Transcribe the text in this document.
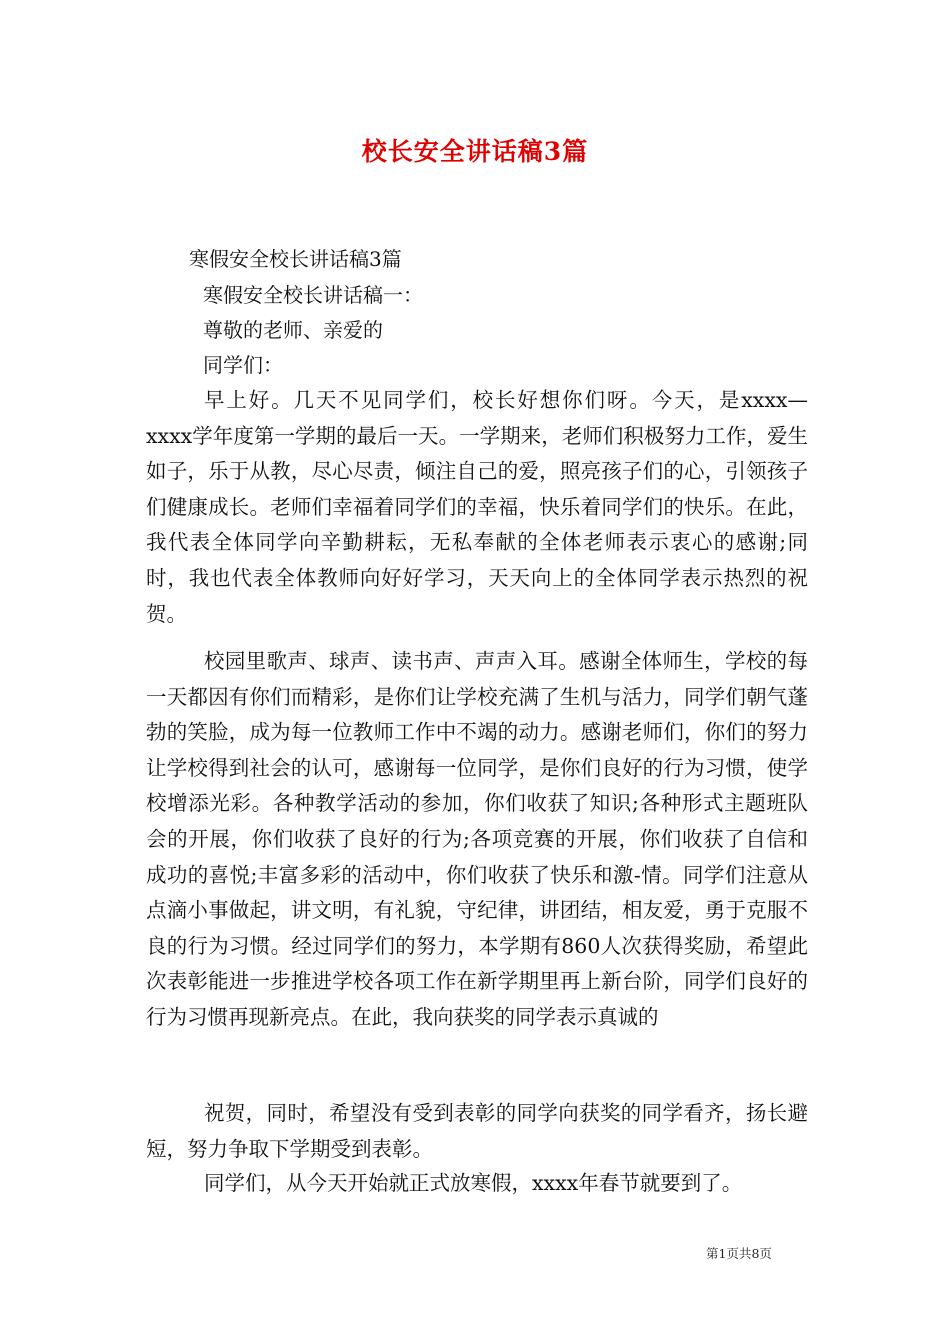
校长安全讲话稿3篇
寒假安全校长讲话稿3篇
寒假安全校长讲话稿一：
尊敬的老师、亲爱的
同学们：

早上好。几天不见同学们，校长好想你们呀。今天，是xxxx—xxxx学年度第一学期的最后一天。一学期来，老师们积极努力工作，爱生如子，乐于从教，尽心尽责，倾注自己的爱，照亮孩子们的心，引领孩子们健康成长。老师们幸福着同学们的幸福，快乐着同学们的快乐。在此，我代表全体同学向辛勤耕耘，无私奉献的全体老师表示衷心的感谢;同时，我也代表全体教师向好好学习，天天向上的全体同学表示热烈的祝贺。

校园里歌声、球声、读书声、声声入耳。感谢全体师生，学校的每一天都因有你们而精彩，是你们让学校充满了生机与活力，同学们朝气蓬勃的笑脸，成为每一位教师工作中不竭的动力。感谢老师们，你们的努力让学校得到社会的认可，感谢每一位同学，是你们良好的行为习惯，使学校增添光彩。各种教学活动的参加，你们收获了知识;各种形式主题班队会的开展，你们收获了良好的行为;各项竞赛的开展，你们收获了自信和成功的喜悦;丰富多彩的活动中，你们收获了快乐和激-情。同学们注意从点滴小事做起，讲文明，有礼貌，守纪律，讲团结，相友爱，勇于克服不良的行为习惯。经过同学们的努力，本学期有860人次获得奖励，希望此次表彰能进一步推进学校各项工作在新学期里再上新台阶，同学们良好的行为习惯再现新亮点。在此，我向获奖的同学表示真诚的

祝贺，同时，希望没有受到表彰的同学向获奖的同学看齐，扬长避短，努力争取下学期受到表彰。

同学们，从今天开始就正式放寒假，xxxx年春节就要到了。

第1页共8页
